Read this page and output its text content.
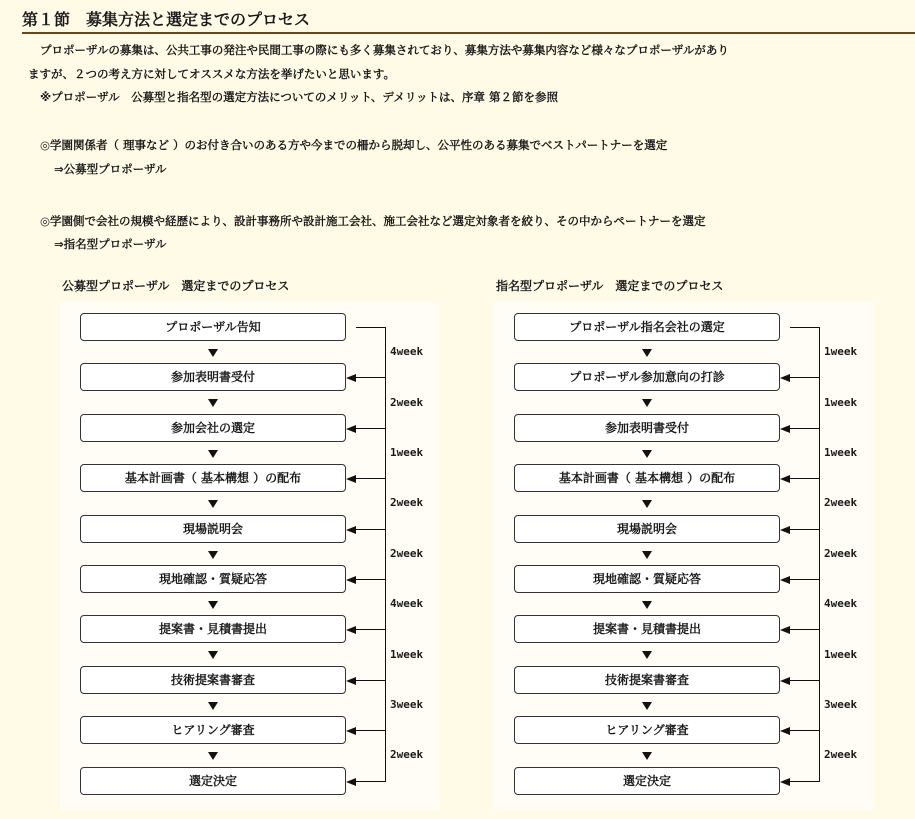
第１節 募集方法と選定までのプロセス
プロポーザルの募集は、公共工事の発注や民間工事の際にも多く募集されており、募集方法や募集内容など様々なプロポーザルがあり
ますが、２つの考え方に対してオススメな方法を挙げたいと思います。
※プロポーザル　公募型と指名型の選定方法についてのメリット、デメリットは、序章 第２節を参照
◎学園関係者（ 理事など ）のお付き合いのある方や今までの柵から脱却し、公平性のある募集でベストパートナーを選定
⇒公募型プロポーザル
◎学園側で会社の規模や経歴により、設計事務所や設計施工会社、施工会社など選定対象者を絞り、その中からペートナーを選定
⇒指名型プロポーザル
公募型プロポーザル　選定までのプロセス	指名型プロポーザル　選定までのプロセス
プロポーザル告知
4week
参加表明書受付
2week
参加会社の選定
1week
基本計画書（ 基本構想 ）の配布
2week
現場説明会
2week
現地確認・質疑応答
4week
提案書・見積書提出
1week
技術提案書審査
3week
ヒアリング審査
2week
選定決定
プロポーザル指名会社の選定
1week
プロポーザル参加意向の打診
1week
参加表明書受付
1week
基本計画書（ 基本構想 ）の配布
2week
現場説明会
2week
現地確認・質疑応答
4week
提案書・見積書提出
1week
技術提案書審査
3week
ヒアリング審査
2week
選定決定
